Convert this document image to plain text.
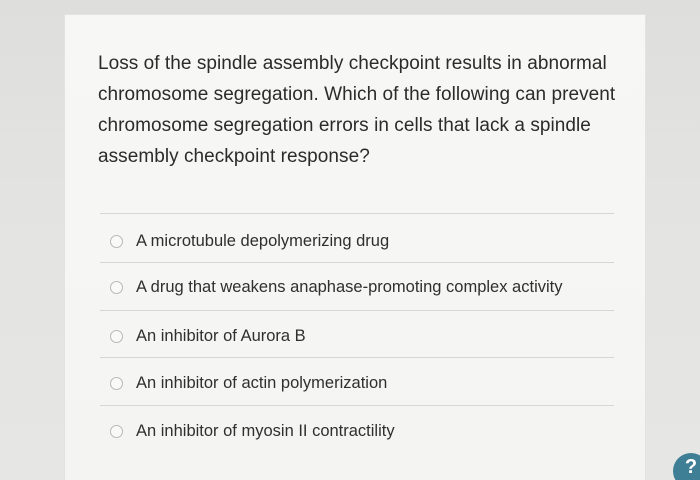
Loss of the spindle assembly checkpoint results in abnormal chromosome segregation. Which of the following can prevent chromosome segregation errors in cells that lack a spindle assembly checkpoint response?

A microtubule depolymerizing drug
A drug that weakens anaphase-promoting complex activity
An inhibitor of Aurora B
An inhibitor of actin polymerization
An inhibitor of myosin II contractility
?
